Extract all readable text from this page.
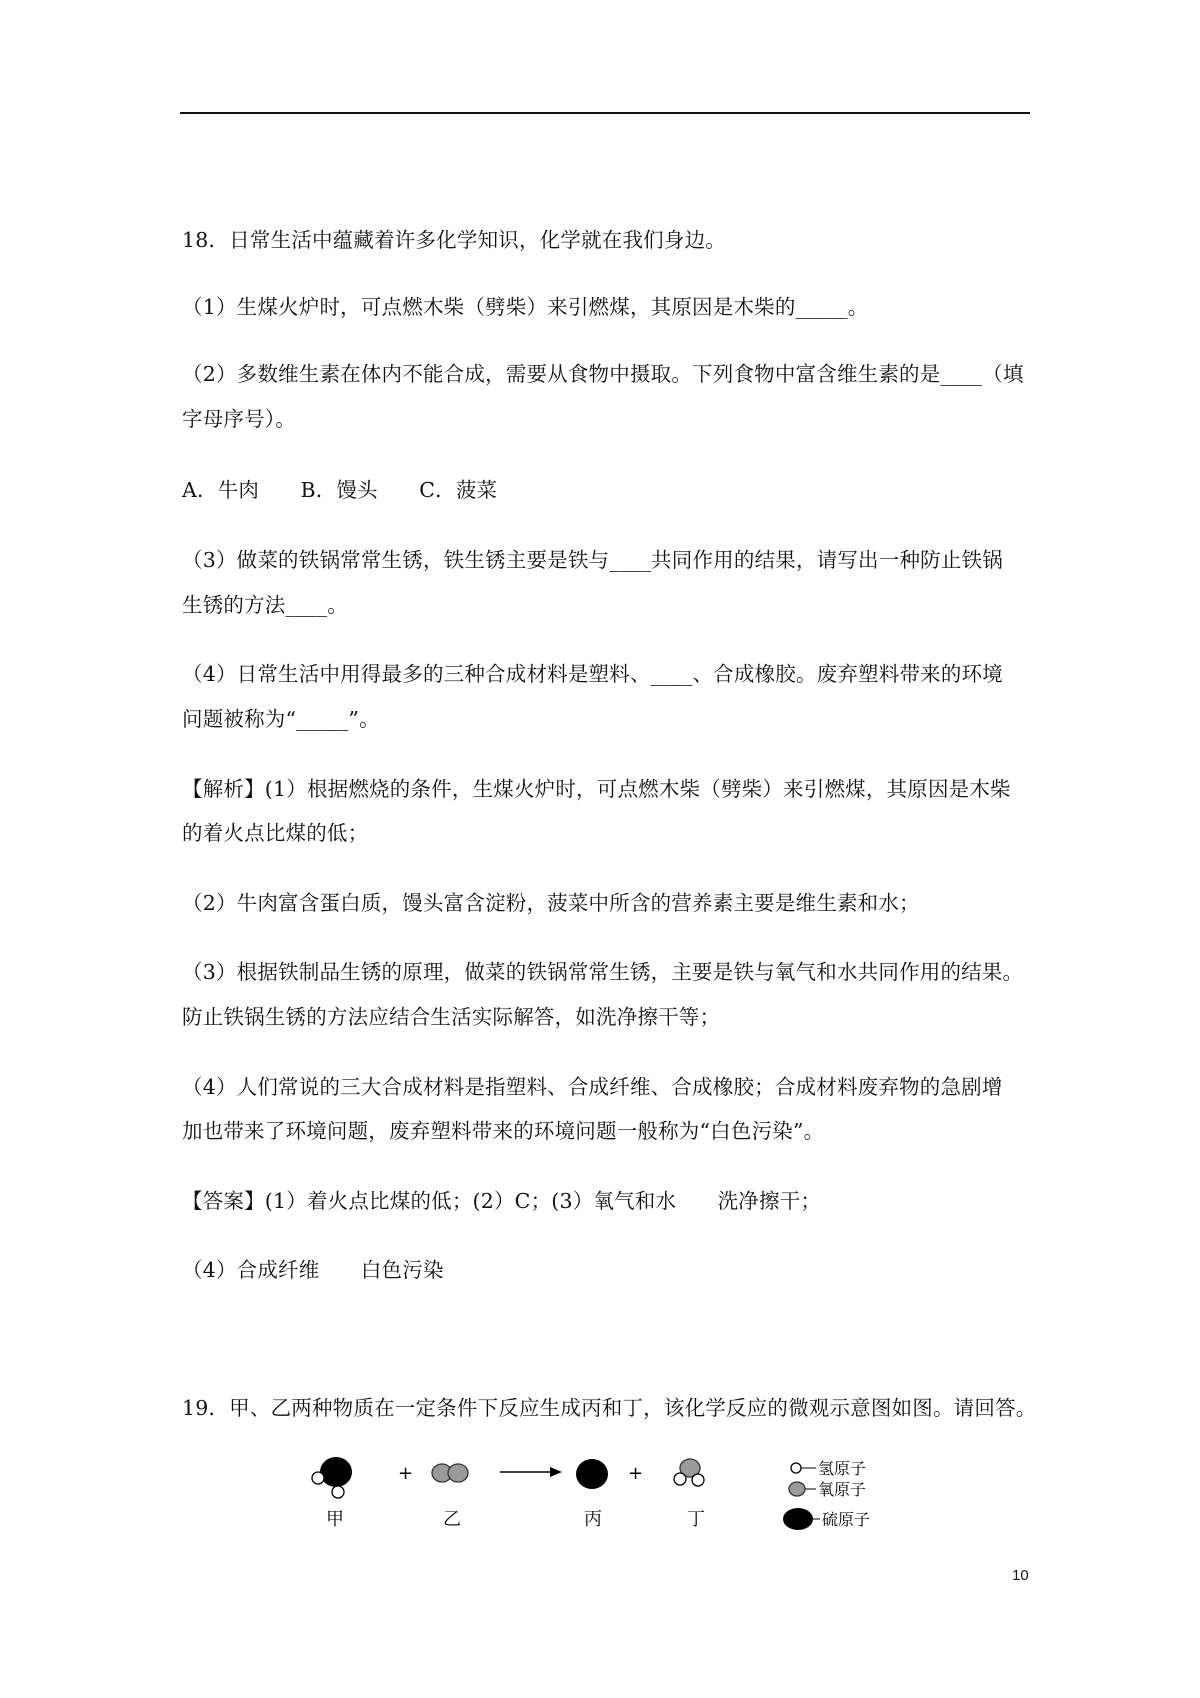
18．日常生活中蕴藏着许多化学知识，化学就在我们身边。
（1）生煤火炉时，可点燃木柴（劈柴）来引燃煤，其原因是木柴的_____。
（2）多数维生素在体内不能合成，需要从食物中摄取。下列食物中富含维生素的是____（填
字母序号）。
A．牛肉　　B．馒头　　C．菠菜
（3）做菜的铁锅常常生锈，铁生锈主要是铁与____共同作用的结果，请写出一种防止铁锅
生锈的方法____。
（4）日常生活中用得最多的三种合成材料是塑料、____、合成橡胶。废弃塑料带来的环境
问题被称为“_____”。
【解析】(1）根据燃烧的条件，生煤火炉时，可点燃木柴（劈柴）来引燃煤，其原因是木柴
的着火点比煤的低；
（2）牛肉富含蛋白质，馒头富含淀粉，菠菜中所含的营养素主要是维生素和水；
（3）根据铁制品生锈的原理，做菜的铁锅常常生锈，主要是铁与氧气和水共同作用的结果。
防止铁锅生锈的方法应结合生活实际解答，如洗净擦干等；
（4）人们常说的三大合成材料是指塑料、合成纤维、合成橡胶；合成材料废弃物的急剧增
加也带来了环境问题，废弃塑料带来的环境问题一般称为“白色污染”。
【答案】(1）着火点比煤的低；(2）C；(3）氧气和水　　洗净擦干；
（4）合成纤维　　白色污染
19．甲、乙两种物质在一定条件下反应生成丙和丁，该化学反应的微观示意图如图。请回答。
+	+
甲	乙	丙	丁
氢原子
氧原子
硫原子
10
